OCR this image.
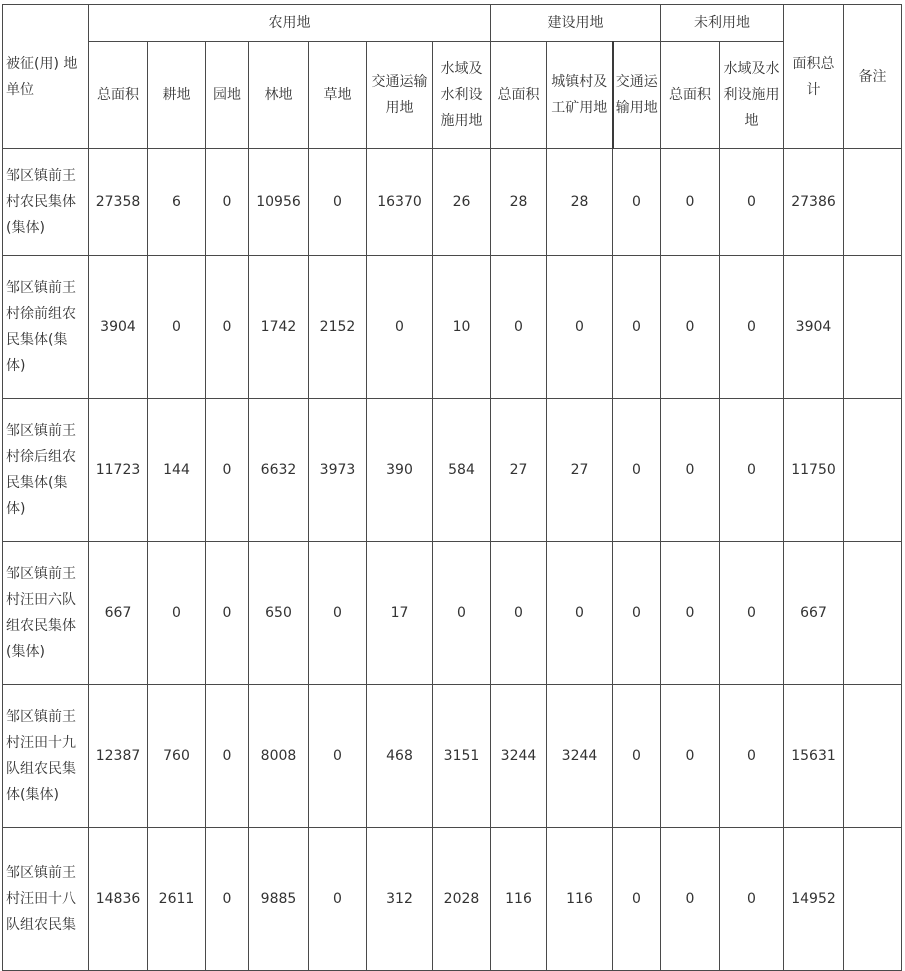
被征(用) 地单位	农用地							建设用地			未利用地		面积总计	备注
	总面积	耕地	园地	林地	草地	交通运输用地	水域及水利设施用地	总面积	城镇村及工矿用地	交通运输用地	总面积	水域及水利设施用地		
邹区镇前王村农民集体(集体)	27358	6	0	10956	0	16370	26	28	28	0	0	0	27386	
邹区镇前王村徐前组农民集体(集体)	3904	0	0	1742	2152	0	10	0	0	0	0	0	3904	
邹区镇前王村徐后组农民集体(集体)	11723	144	0	6632	3973	390	584	27	27	0	0	0	11750	
邹区镇前王村汪田六队组农民集体(集体)	667	0	0	650	0	17	0	0	0	0	0	0	667	
邹区镇前王村汪田十九队组农民集体(集体)	12387	760	0	8008	0	468	3151	3244	3244	0	0	0	15631	
邹区镇前王村汪田十八队组农民集	14836	2611	0	9885	0	312	2028	116	116	0	0	0	14952	
